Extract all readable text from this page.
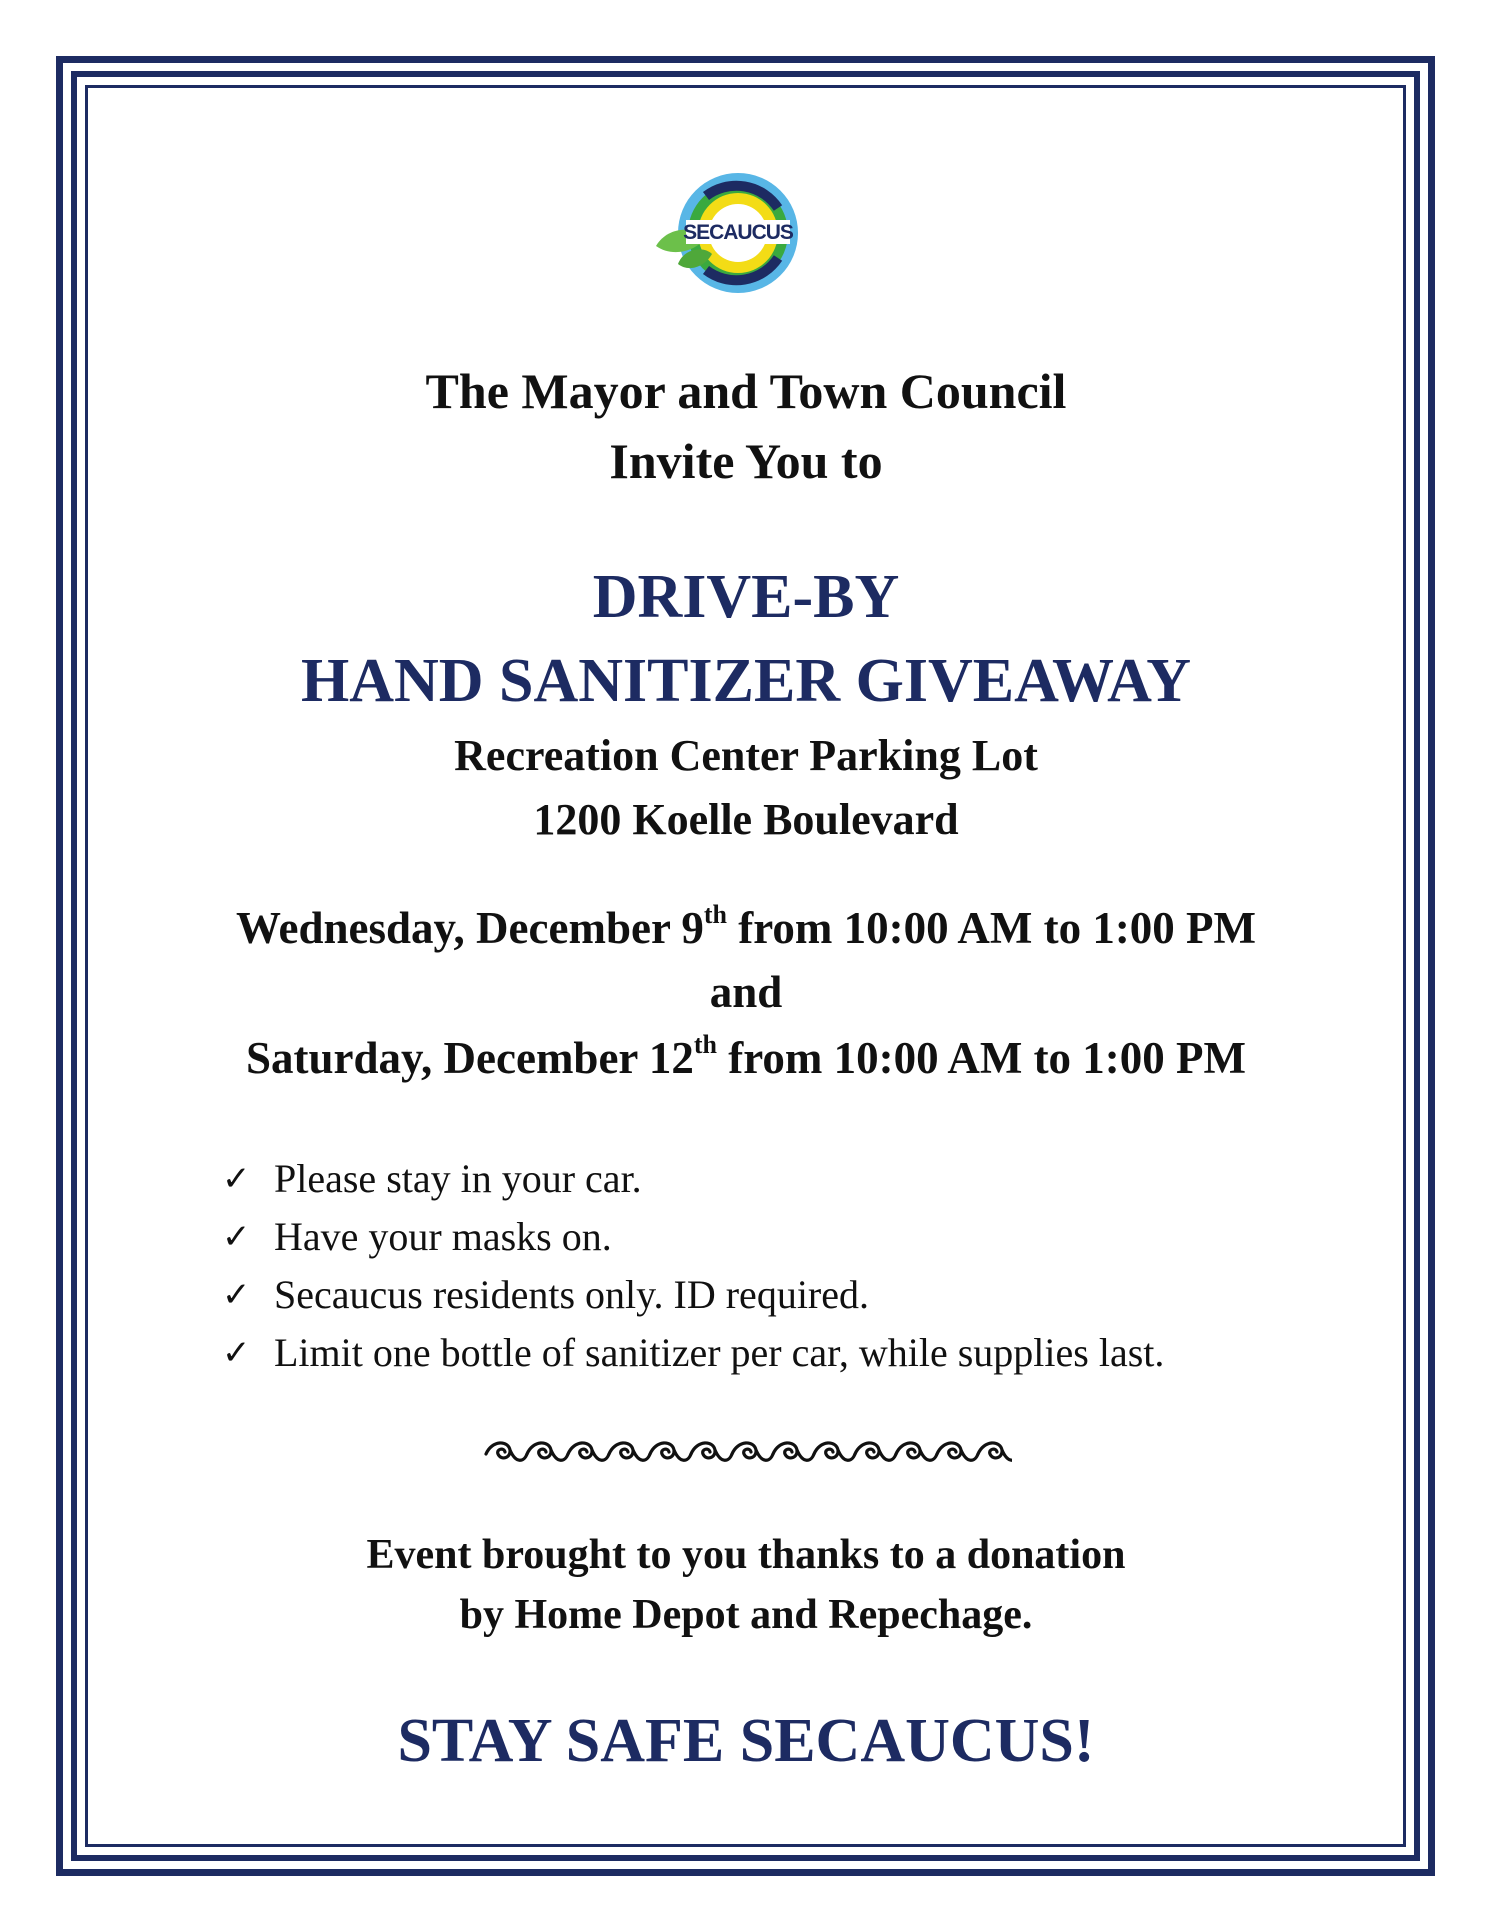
SECAUCUS
The Mayor and Town Council
Invite You to
DRIVE-BY
HAND SANITIZER GIVEAWAY
Recreation Center Parking Lot
1200 Koelle Boulevard
Wednesday, December 9th from 10:00 AM to 1:00 PM
and
Saturday, December 12th from 10:00 AM to 1:00 PM
✓ Please stay in your car.
✓ Have your masks on.
✓ Secaucus residents only. ID required.
✓ Limit one bottle of sanitizer per car, while supplies last.
Event brought to you thanks to a donation
by Home Depot and Repechage.
STAY SAFE SECAUCUS!
